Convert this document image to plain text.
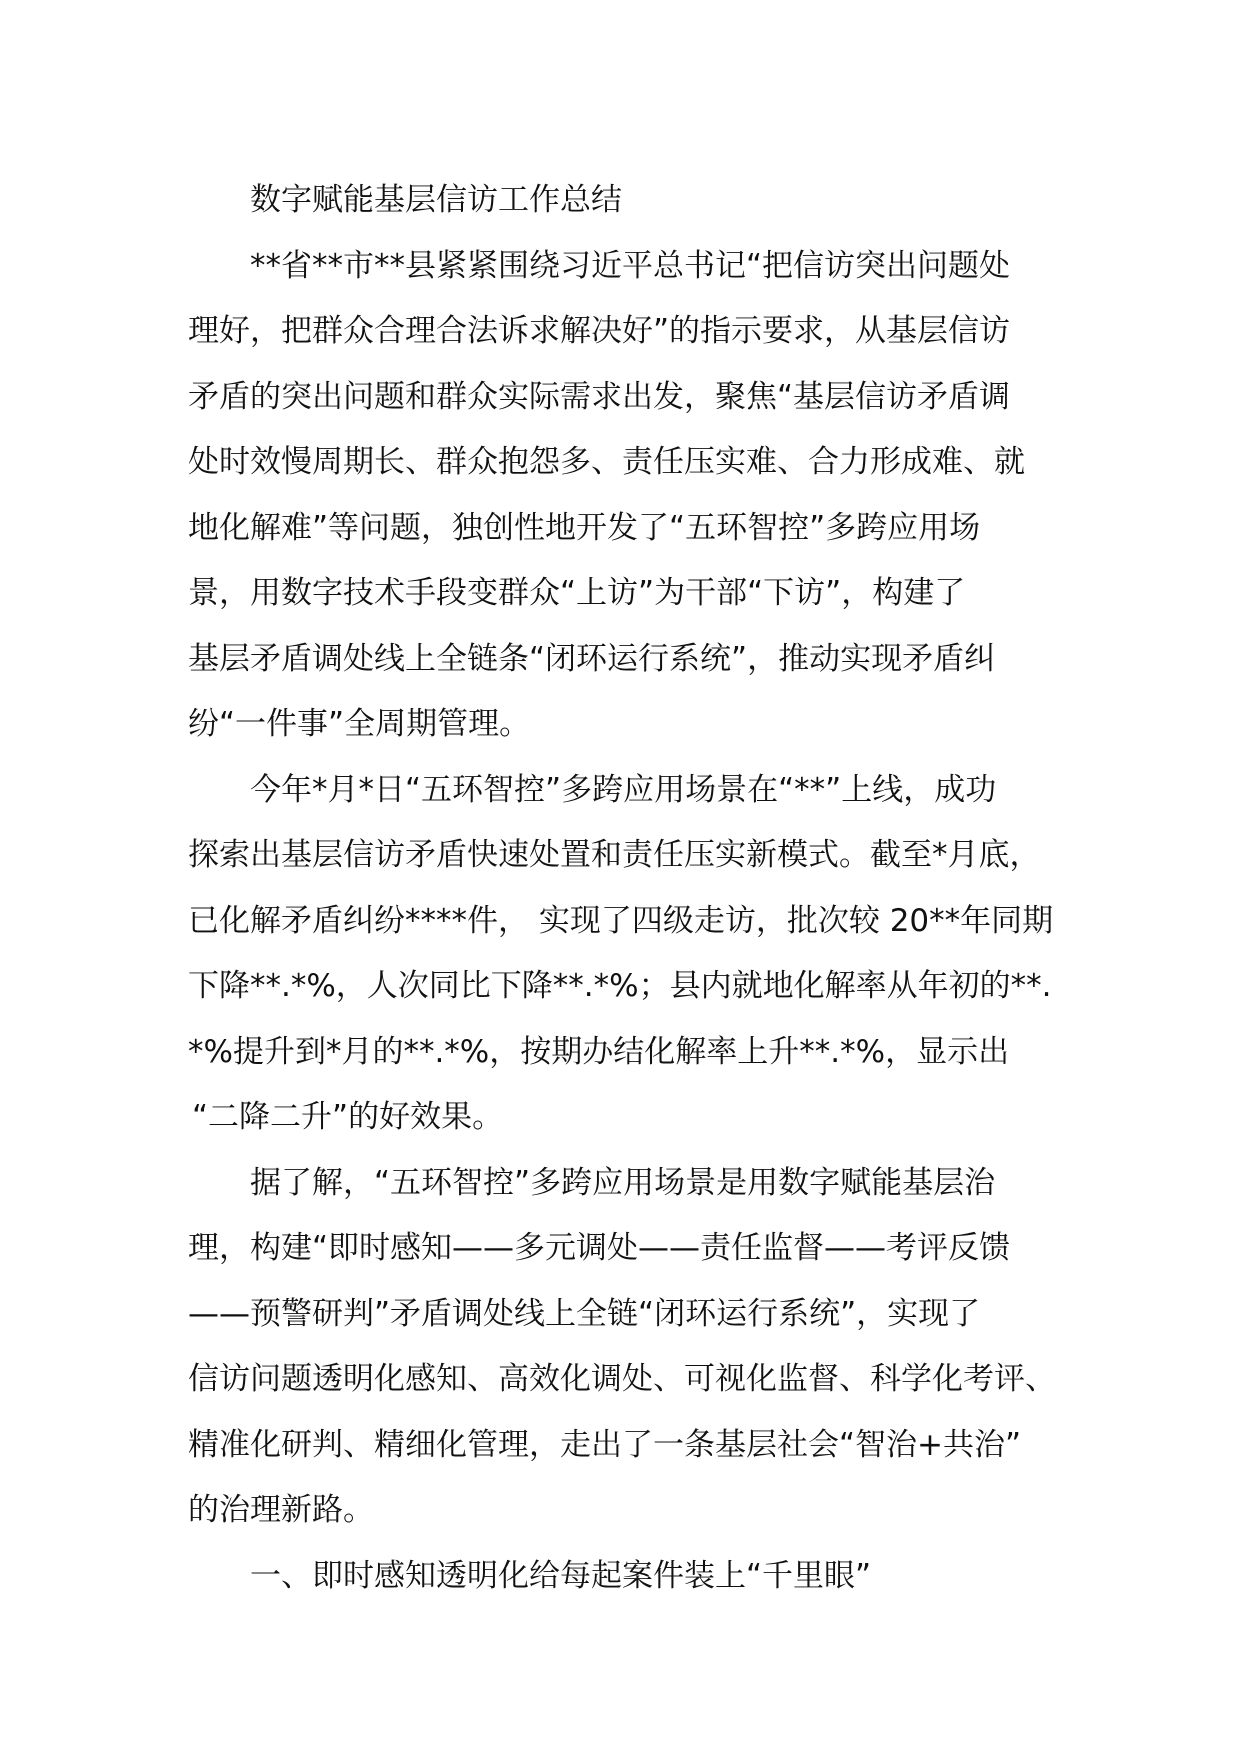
数字赋能基层信访工作总结
**省**市**县紧紧围绕习近平总书记“把信访突出问题处
理好，把群众合理合法诉求解决好”的指示要求，从基层信访
矛盾的突出问题和群众实际需求出发，聚焦“基层信访矛盾调
处时效慢周期长、群众抱怨多、责任压实难、合力形成难、就
地化解难”等问题，独创性地开发了“五环智控”多跨应用场
景，用数字技术手段变群众“上访”为干部“下访”，构建了
基层矛盾调处线上全链条“闭环运行系统”，推动实现矛盾纠
纷“一件事”全周期管理。
今年*月*日“五环智控”多跨应用场景在“**”上线，成功
探索出基层信访矛盾快速处置和责任压实新模式。截至*月底，
已化解矛盾纠纷****件， 实现了四级走访，批次较 20**年同期
下降**.*%，人次同比下降**.*%；县内就地化解率从年初的**.
*%提升到*月的**.*%，按期办结化解率上升**.*%，显示出
“二降二升”的好效果。
据了解，“五环智控”多跨应用场景是用数字赋能基层治
理，构建“即时感知——多元调处——责任监督——考评反馈
——预警研判”矛盾调处线上全链“闭环运行系统”，实现了
信访问题透明化感知、高效化调处、可视化监督、科学化考评、
精准化研判、精细化管理，走出了一条基层社会“智治+共治”
的治理新路。
一、即时感知透明化给每起案件装上“千里眼”
